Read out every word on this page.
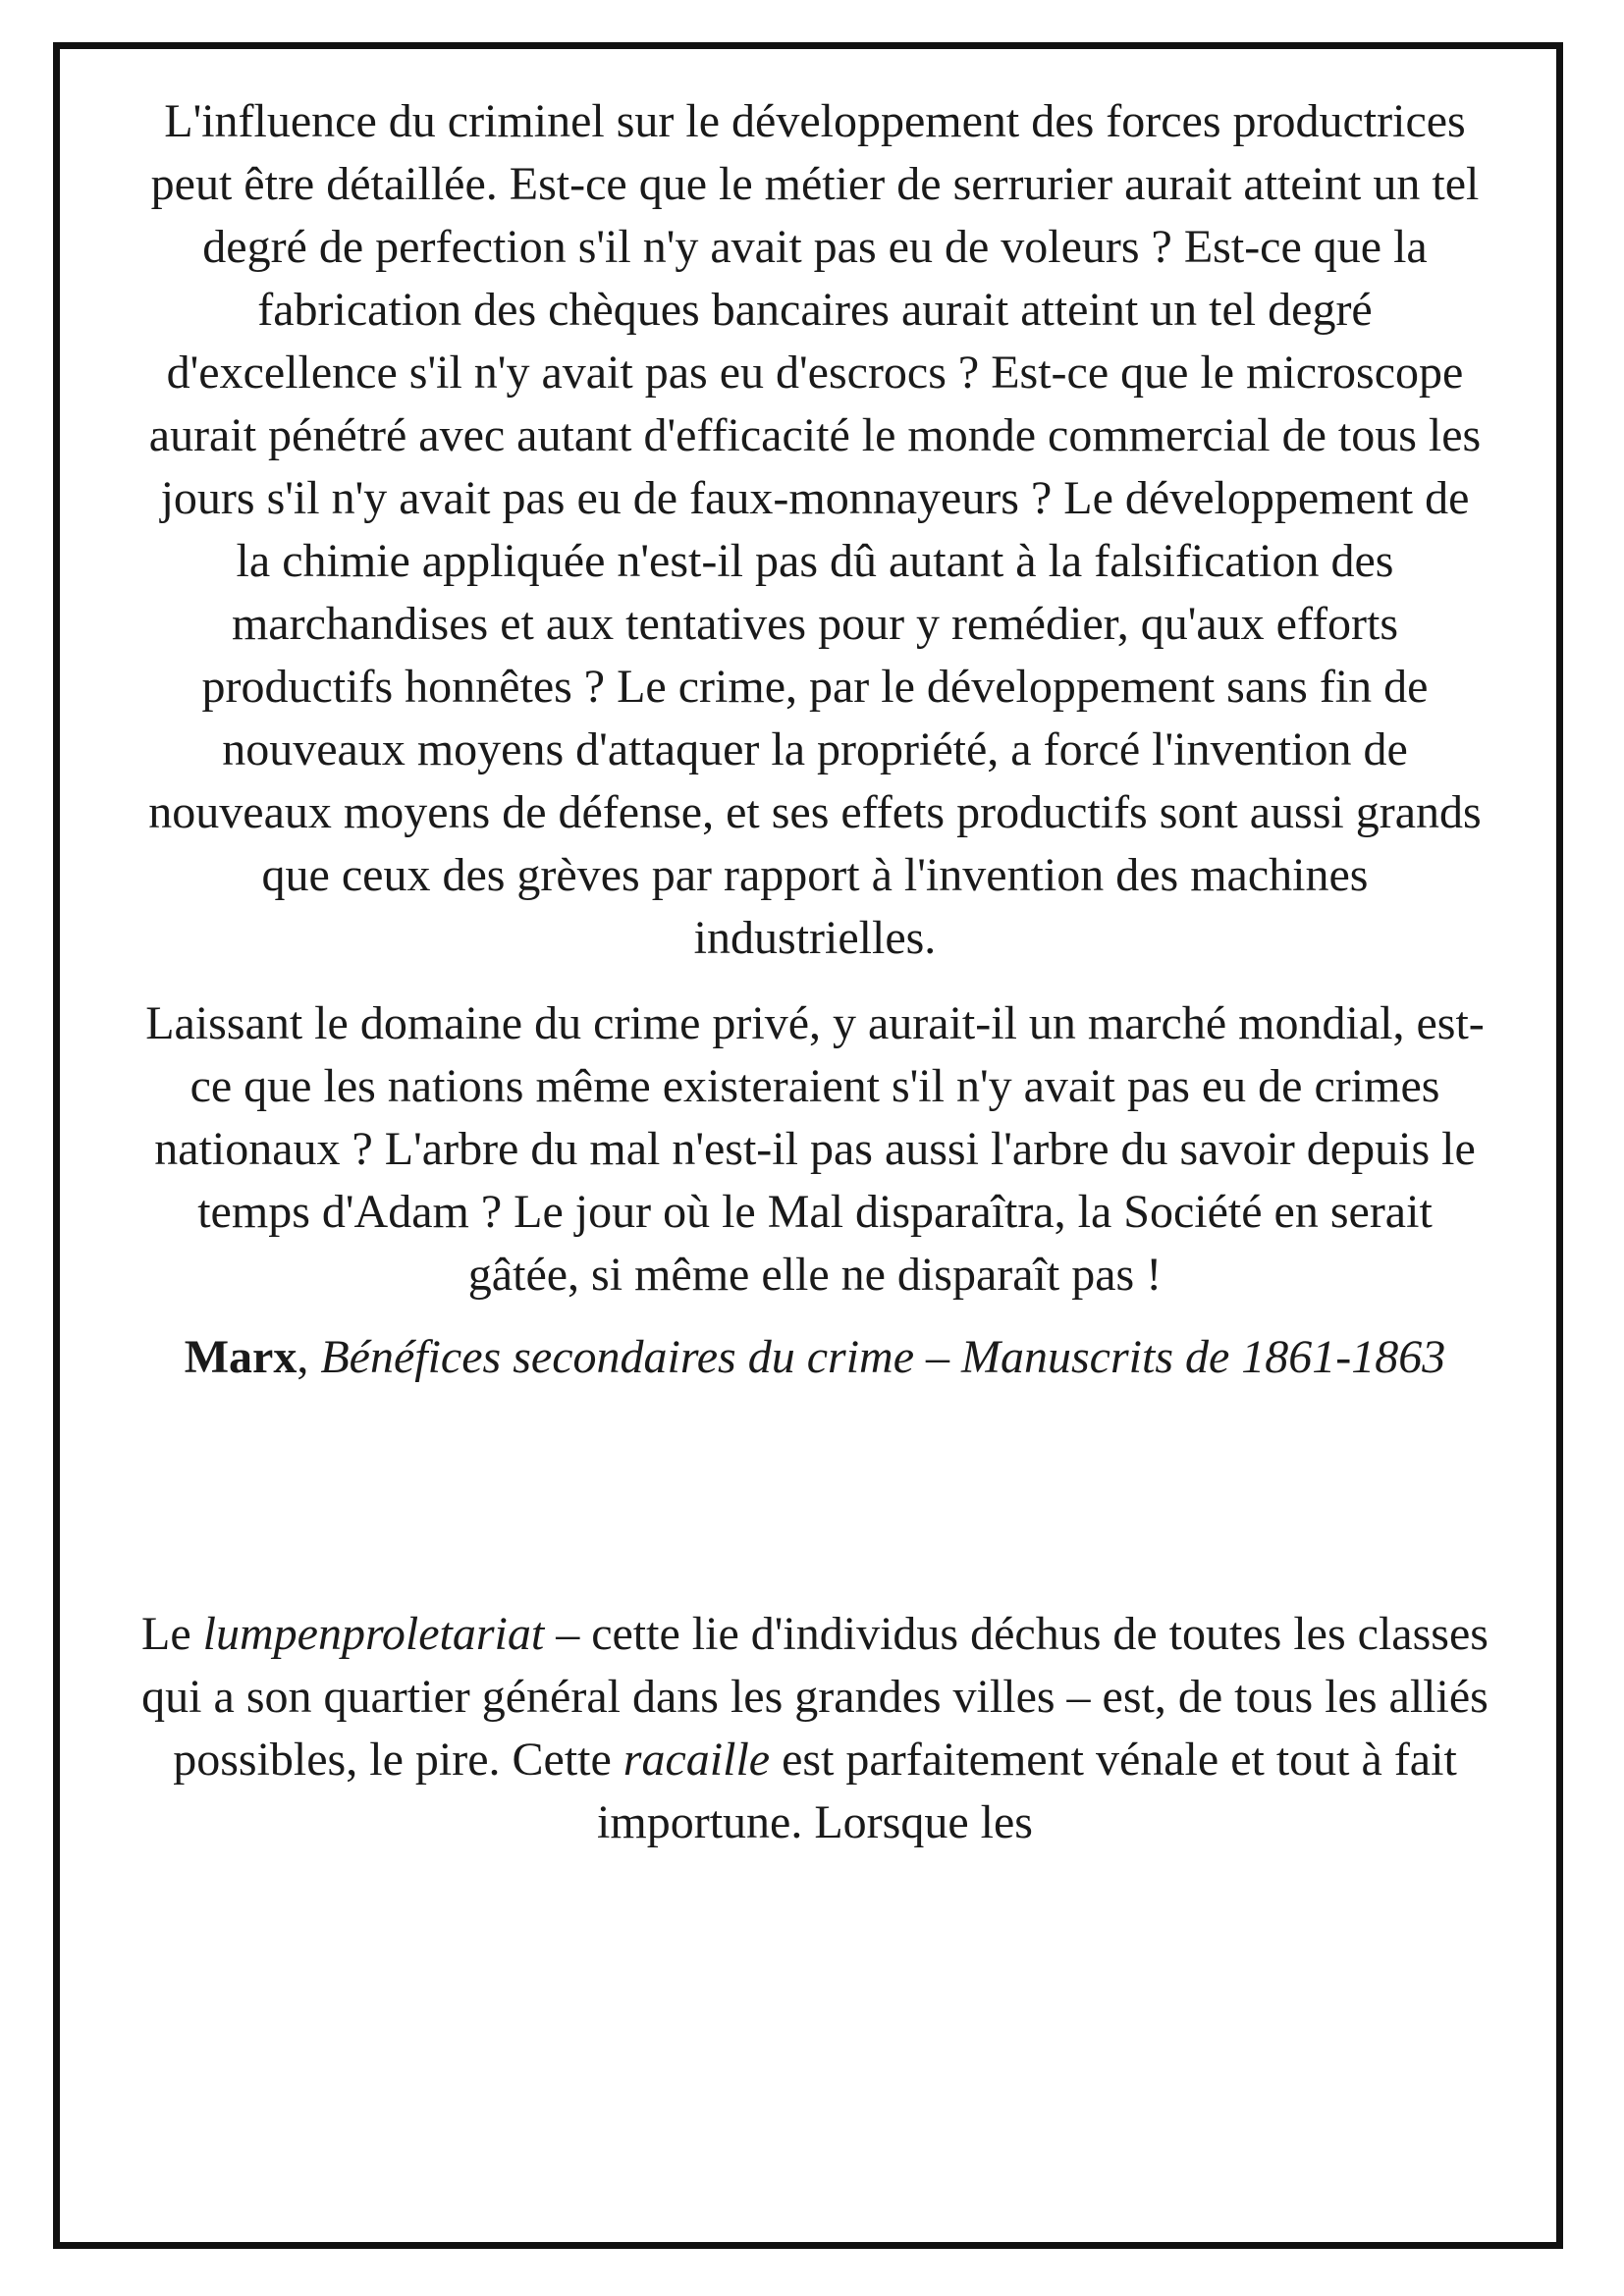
L'influence du criminel sur le développement des forces productrices peut être détaillée. Est-ce que le métier de serrurier aurait atteint un tel degré de perfection s'il n'y avait pas eu de voleurs ? Est-ce que la fabrication des chèques bancaires aurait atteint un tel degré d'excellence s'il n'y avait pas eu d'escrocs ? Est-ce que le microscope aurait pénétré avec autant d'efficacité le monde commercial de tous les jours s'il n'y avait pas eu de faux-monnayeurs ? Le développement de la chimie appliquée n'est-il pas dû autant à la falsification des marchandises et aux tentatives pour y remédier, qu'aux efforts productifs honnêtes ? Le crime, par le développement sans fin de nouveaux moyens d'attaquer la propriété, a forcé l'invention de nouveaux moyens de défense, et ses effets productifs sont aussi grands que ceux des grèves par rapport à l'invention des machines industrielles.

Laissant le domaine du crime privé, y aurait-il un marché mondial, est-ce que les nations même existeraient s'il n'y avait pas eu de crimes nationaux ? L'arbre du mal n'est-il pas aussi l'arbre du savoir depuis le temps d'Adam ? Le jour où le Mal disparaîtra, la Société en serait gâtée, si même elle ne disparaît pas !

Marx, Bénéfices secondaires du crime – Manuscrits de 1861-1863

Le lumpenproletariat – cette lie d'individus déchus de toutes les classes qui a son quartier général dans les grandes villes – est, de tous les alliés possibles, le pire. Cette racaille est parfaitement vénale et tout à fait importune. Lorsque les
